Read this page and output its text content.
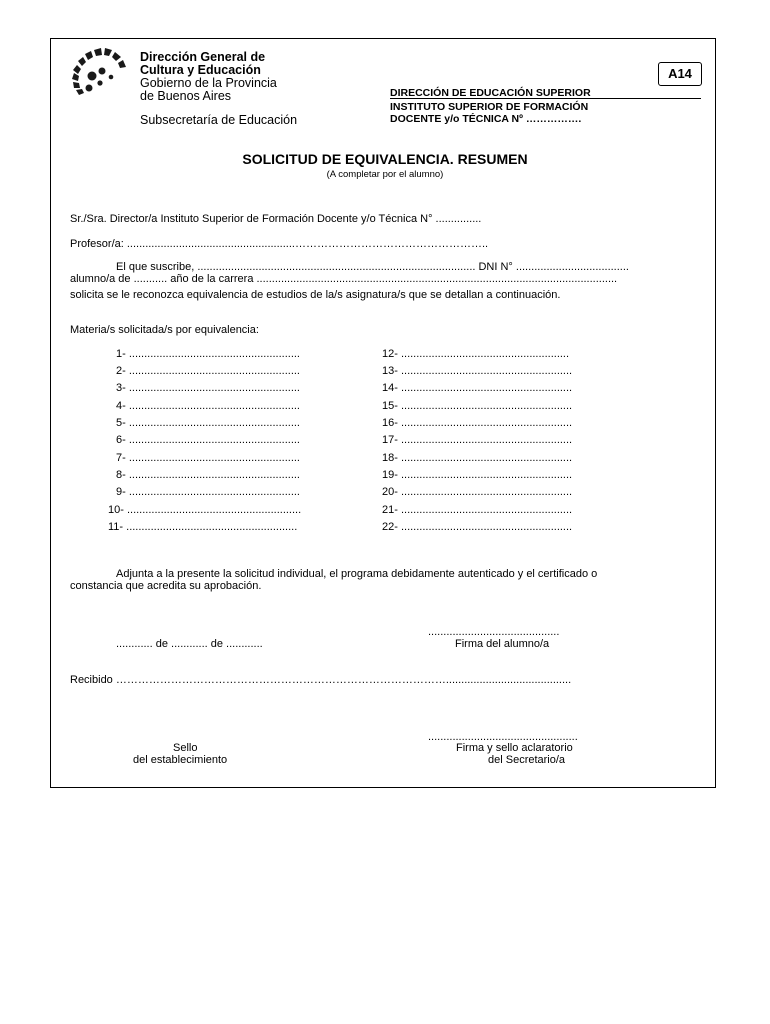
Dirección General de
Cultura y Educación
Gobierno de la Provincia
de Buenos Aires
Subsecretaría de Educación
A14
DIRECCIÓN DE EDUCACIÓN SUPERIOR
INSTITUTO SUPERIOR DE FORMACIÓN
DOCENTE y/o TÉCNICA Nº …………….
SOLICITUD DE EQUIVALENCIA. RESUMEN
(A completar por el alumno)
Sr./Sra. Director/a Instituto Superior de Formación Docente y/o Técnica N° ...............
Profesor/a: .......................................................……………………………………………..
El que suscribe, ........................................................................................... DNI N° .....................................
alumno/a de ........... año de la carrera ......................................................................................................................
solicita se le reconozca equivalencia de estudios de la/s asignatura/s que se detallan a continuación.
Materia/s solicitada/s por equivalencia:
1- ........................................................
2- ........................................................
3- ........................................................
4- ........................................................
5- ........................................................
6- ........................................................
7- ........................................................
8- ........................................................
9- ........................................................
10- .........................................................
11- ........................................................
12- .......................................................
13- ........................................................
14- ........................................................
15- ........................................................
16- ........................................................
17- ........................................................
18- ........................................................
19- ........................................................
20- ........................................................
21- ........................................................
22- ........................................................
Adjunta a la presente la solicitud individual, el programa debidamente autenticado y el certificado o
constancia que acredita su aprobación.
............ de ............ de ............
...........................................
Firma del alumno/a
Recibido ……………………………………………………………………………….........................................
.................................................
Sello
del establecimiento
Firma y sello aclaratorio
del Secretario/a
